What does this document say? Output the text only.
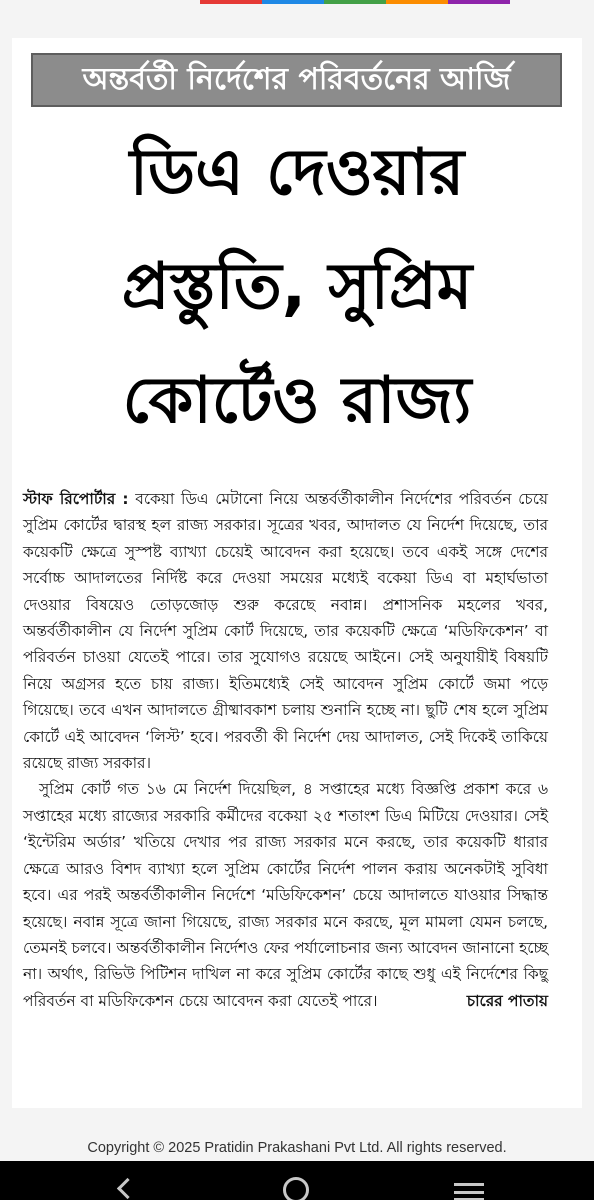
অন্তর্বর্তী নির্দেশের পরিবর্তনের আর্জি
ডিএ দেওয়ার
প্রস্তুতি, সুপ্রিম
কোর্টেও রাজ্য

স্টাফ রিপোর্টার : বকেয়া ডিএ মেটানো নিয়ে অন্তর্বর্তীকালীন নির্দেশের পরিবর্তন চেয়ে সুপ্রিম কোর্টের দ্বারস্থ হল রাজ্য সরকার। সূত্রের খবর, আদালত যে নির্দেশ দিয়েছে, তার কয়েকটি ক্ষেত্রে সুস্পষ্ট ব্যাখ্যা চেয়েই আবেদন করা হয়েছে। তবে একই সঙ্গে দেশের সর্বোচ্চ আদালতের নির্দিষ্ট করে দেওয়া সময়ের মধ্যেই বকেয়া ডিএ বা মহার্ঘভাতা দেওয়ার বিষয়েও তোড়জোড় শুরু করেছে নবান্ন। প্রশাসনিক মহলের খবর, অন্তর্বর্তীকালীন যে নির্দেশ সুপ্রিম কোর্ট দিয়েছে, তার কয়েকটি ক্ষেত্রে ‘মডিফিকেশন’ বা পরিবর্তন চাওয়া যেতেই পারে। তার সুযোগও রয়েছে আইনে। সেই অনুযায়ীই বিষয়টি নিয়ে অগ্রসর হতে চায় রাজ্য। ইতিমধ্যেই সেই আবেদন সুপ্রিম কোর্টে জমা পড়ে গিয়েছে। তবে এখন আদালতে গ্রীষ্মাবকাশ চলায় শুনানি হচ্ছে না। ছুটি শেষ হলে সুপ্রিম কোর্টে এই আবেদন ‘লিস্ট’ হবে। পরবর্তী কী নির্দেশ দেয় আদালত, সেই দিকেই তাকিয়ে রয়েছে রাজ্য সরকার।

সুপ্রিম কোর্ট গত ১৬ মে নির্দেশ দিয়েছিল, ৪ সপ্তাহের মধ্যে বিজ্ঞপ্তি প্রকাশ করে ৬ সপ্তাহের মধ্যে রাজ্যের সরকারি কর্মীদের বকেয়া ২৫ শতাংশ ডিএ মিটিয়ে দেওয়ার। সেই ‘ইন্টেরিম অর্ডার’ খতিয়ে দেখার পর রাজ্য সরকার মনে করছে, তার কয়েকটি ধারার ক্ষেত্রে আরও বিশদ ব্যাখ্যা হলে সুপ্রিম কোর্টের নির্দেশ পালন করায় অনেকটাই সুবিধা হবে। এর পরই অন্তর্বর্তীকালীন নির্দেশে ‘মডিফিকেশন’ চেয়ে আদালতে যাওয়ার সিদ্ধান্ত হয়েছে। নবান্ন সূত্রে জানা গিয়েছে, রাজ্য সরকার মনে করছে, মূল মামলা যেমন চলছে, তেমনই চলবে। অন্তর্বর্তীকালীন নির্দেশও ফের পর্যালোচনার জন্য আবেদন জানানো হচ্ছে না। অর্থাৎ, রিভিউ পিটিশন দাখিল না করে সুপ্রিম কোর্টের কাছে শুধু এই নির্দেশের কিছু পরিবর্তন বা মডিফিকেশন চেয়ে আবেদন করা যেতেই পারে।	চারের পাতায়
Copyright © 2025 Pratidin Prakashani Pvt Ltd. All rights reserved.
